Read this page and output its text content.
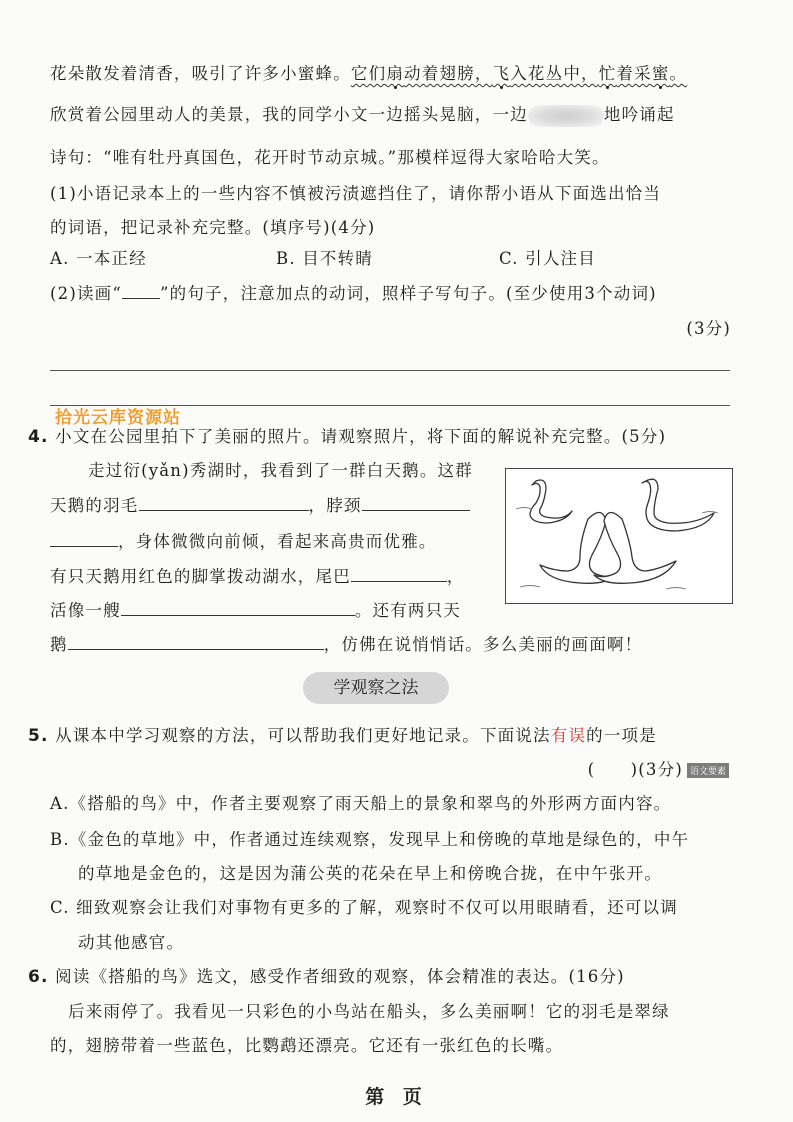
花朵散发着清香，吸引了许多小蜜蜂。它们扇动着翅膀，飞入花丛中，忙着采蜜。
欣赏着公园里动人的美景，我的同学小文一边摇头晃脑，一边	地吟诵起
诗句：“唯有牡丹真国色，花开时节动京城。”那模样逗得大家哈哈大笑。
(1)小语记录本上的一些内容不慎被污渍遮挡住了，请你帮小语从下面选出恰当
的词语，把记录补充完整。(填序号)(4分)
A. 一本正经	B. 目不转睛	C. 引人注目
(2)读画“ ”的句子，注意加点的动词，照样子写句子。(至少使用3个动词)
(3分)
拾光云库资源站
4. 小文在公园里拍下了美丽的照片。请观察照片，将下面的解说补充完整。(5分)
走过衍(yǎn)秀湖时，我看到了一群白天鹅。这群
天鹅的羽毛	，脖颈
，身体微微向前倾，看起来高贵而优雅。
有只天鹅用红色的脚掌拨动湖水，尾巴	，
活像一艘	。还有两只天
鹅	，仿佛在说悄悄话。多么美丽的画面啊！
学观察之法
5. 从课本中学习观察的方法，可以帮助我们更好地记录。下面说法有误的一项是
(　　)(3分) 语文要素
A.《搭船的鸟》中，作者主要观察了雨天船上的景象和翠鸟的外形两方面内容。
B.《金色的草地》中，作者通过连续观察，发现早上和傍晚的草地是绿色的，中午
的草地是金色的，这是因为蒲公英的花朵在早上和傍晚合拢，在中午张开。
C. 细致观察会让我们对事物有更多的了解，观察时不仅可以用眼睛看，还可以调
动其他感官。
6. 阅读《搭船的鸟》选文，感受作者细致的观察，体会精准的表达。(16分)
后来雨停了。我看见一只彩色的小鸟站在船头，多么美丽啊！它的羽毛是翠绿
的，翅膀带着一些蓝色，比鹦鹉还漂亮。它还有一张红色的长嘴。
第 页
